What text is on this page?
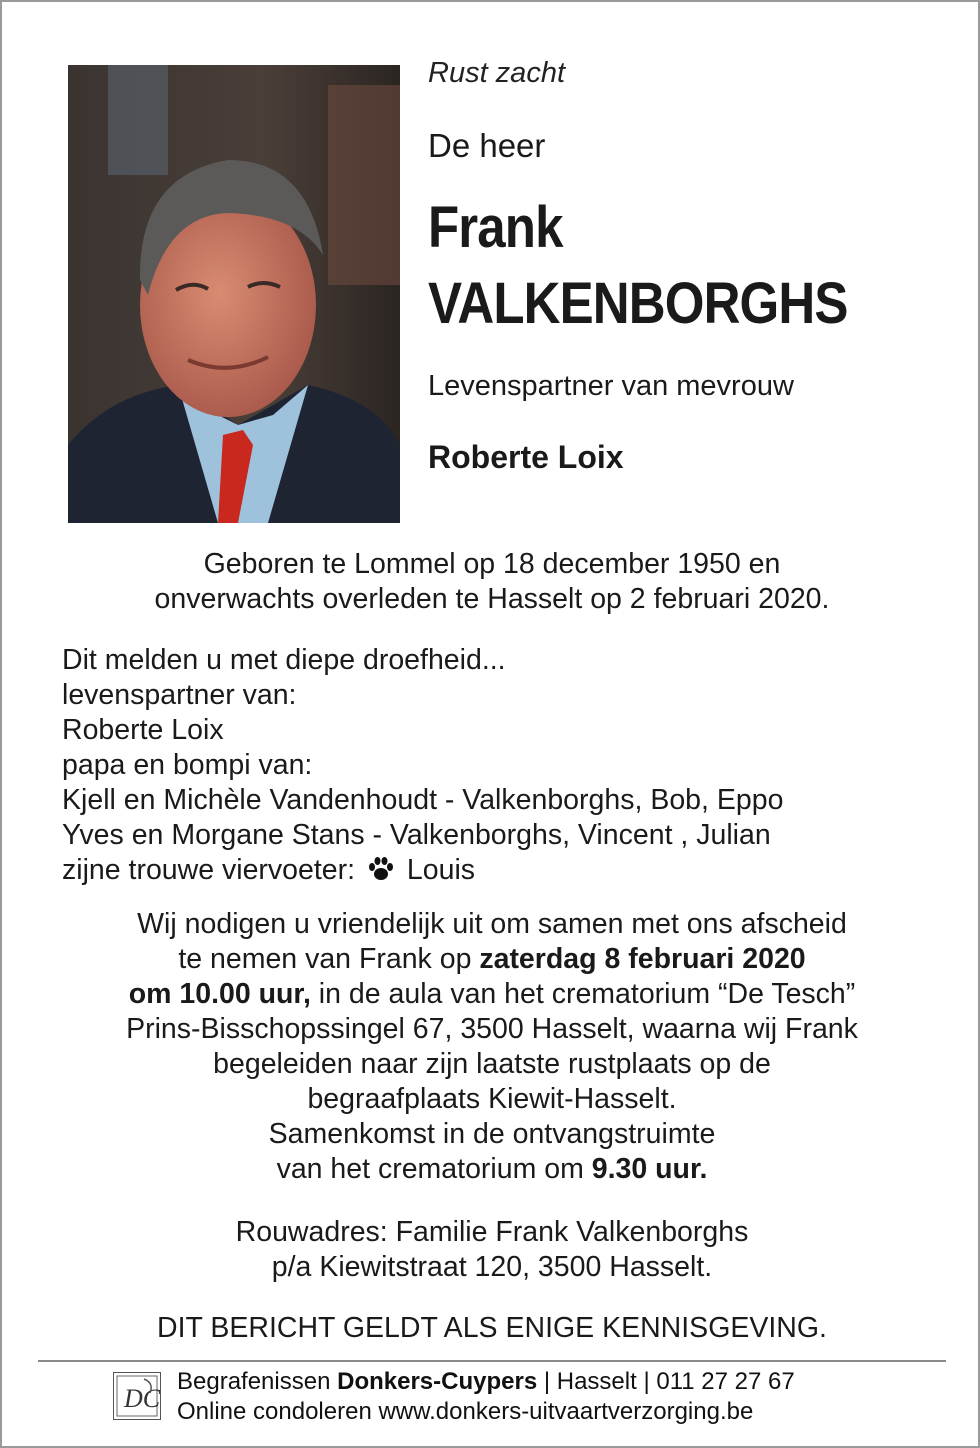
Rust zacht
De heer
Frank
VALKENBORGHS
Levenspartner van mevrouw
Roberte Loix
Geboren te Lommel op 18 december 1950 en
onverwachts overleden te Hasselt op 2 februari 2020.
Dit melden u met diepe droefheid...
levenspartner van:
Roberte Loix
papa en bompi van:
Kjell en Michèle Vandenhoudt - Valkenborghs, Bob, Eppo
Yves en Morgane Stans - Valkenborghs, Vincent , Julian
zijne trouwe viervoeter: Louis
Wij nodigen u vriendelijk uit om samen met ons afscheid
te nemen van Frank op zaterdag 8 februari 2020
om 10.00 uur, in de aula van het crematorium “De Tesch”
Prins-Bisschopssingel 67, 3500 Hasselt, waarna wij Frank
begeleiden naar zijn laatste rustplaats op de
begraafplaats Kiewit-Hasselt.
Samenkomst in de ontvangstruimte
van het crematorium om 9.30 uur.
Rouwadres: Familie Frank Valkenborghs
p/a Kiewitstraat 120, 3500 Hasselt.
DIT BERICHT GELDT ALS ENIGE KENNISGEVING.
DC
Begrafenissen Donkers-Cuypers | Hasselt | 011 27 27 67
Online condoleren www.donkers-uitvaartverzorging.be
